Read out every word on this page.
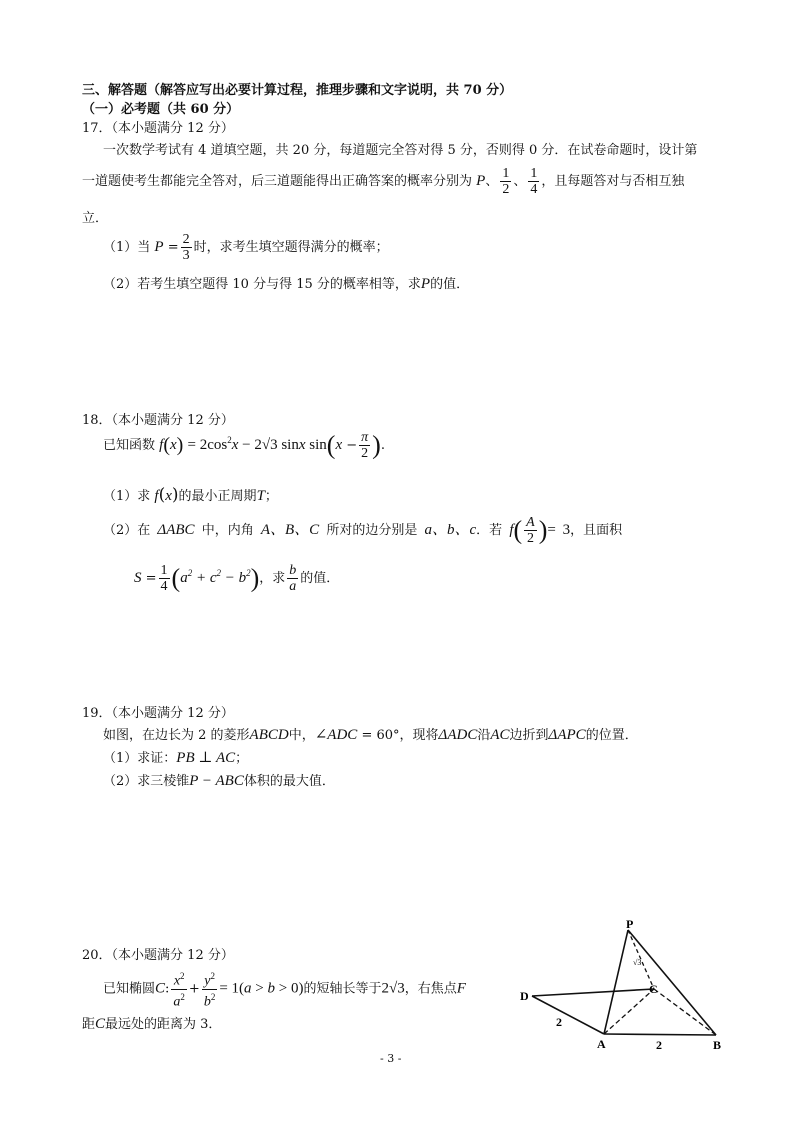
三、解答题（解答应写出必要计算过程，推理步骤和文字说明，共 70 分）
（一）必考题（共 60 分）
17．（本小题满分 12 分）
一次数学考试有 4 道填空题，共 20 分，每道题完全答对得 5 分，否则得 0 分．在试卷命题时，设计第
一道题使考生都能完全答对，后三道题能得出正确答案的概率分别为 P、 $\frac{1}{2}$ 、 $\frac{1}{4}$ ，且每题答对与否相互独
立．
（1）当 $P = \frac{2}{3}$ 时，求考生填空题得满分的概率；
（2）若考生填空题得 10 分与得 15 分的概率相等，求P的值．
18．（本小题满分 12 分）
已知函数 $f(x) = 2\cos^2x - 2√3$ sinx $\sin(x - \frac{\pi}{2}$ ).
（1）求 f(x)的最小正周期T；
（2）在 ΔABC 中，内角 A、B、C 所对的边分别是 a、b、c．若 $f( \frac{A}{2}$ )= 3，且面积
$S = \frac{1}{4} (a^2 + c^2 - b^2)$，求 $\frac{b}{a}$ 的值．
19．（本小题满分 12 分）
如图，在边长为 2 的菱形ABCD中，∠ADC = 60°，现将ΔADC沿AC边折到ΔAPC的位置．
（1）求证：PB ⊥ AC；
（2）求三棱锥P − ABC体积的最大值．
20．（本小题满分 12 分）
已知椭圆C: $\frac{x^2}{a^2} + \frac{y^2}{b^2} = 1(a > b > 0)$的短轴长等于2√3，右焦点F
距C最远处的距离为 3．
P
D
A	B
C
2
2
√3
- 3 -
